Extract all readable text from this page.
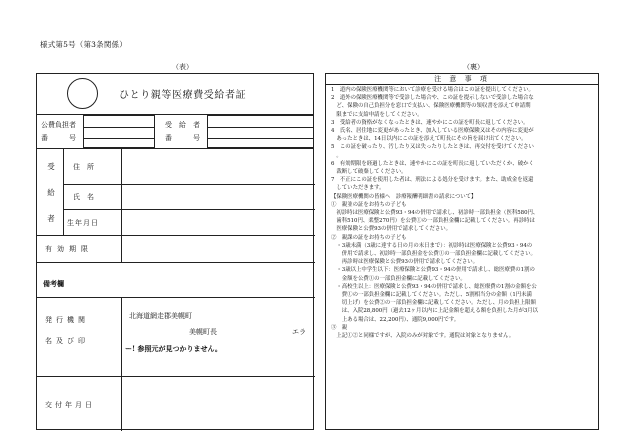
様式第5号（第3条関係）
（表）	（裏）
ひとり親等医療費受給者証
公費負担者
番　　　号
受　給　者
番　　　号
受
給
者
住所
氏名
生年月日
有効期限
備考欄
発行機関
名及び印
北海道網走郡美幌町
美幌町長	エラ
ー! 参照元が見つかりません。
交付年月日
注 意 事 項

1　道内の保険医療機関等において診療を受ける場合はこの証を提出してください。

2　道外の保険医療機関等で受診した場合や、この証を提示しないで受診した場合な

　ど、保険の自己負担分を窓口で支払い、保険医療機関等の領収書を添えて申請期

　限までに支給申請をしてください。

3　受給者の資格がなくなったときは、速やかにこの証を町長に返してください。

4　氏名、居住地に変更があったとき、加入している医療保険又はその内容に変更が

　あったときは、14日以内にこの証を添えて町長にその旨を届け出てください。

5　この証を破ったり、汚したり又は失ったりしたときは、再交付を受けてください

　。

6　有効期限を経過したときは、速やかにこの証を町長に返していただくか、破かく

　裁断して破棄してください。

7　不正にこの証を使用した者は、刑法による処分を受けます。また、助成金を返還

　していただきます。

【保険医療機関の皆様へ　診療報酬明細書の請求について】

①　親並の証をお持ちの子ども

　初診時は医療保険と公費93・94の併用で請求し、初診時一部負担金（医科580円、

　歯科510円、柔整270円）を公費①の一部負担金欄に記載してください。再診時は

　医療保険と公費93の併用で請求してください。

②　親課の証をお持ちの子ども

　・3歳未満（3歳に達する日の月の末日まで）：初診時は医療保険と公費93・94の

　　併用で請求し、初診時一部負担金を公費①の一部負担金欄に記載してください。

　　再診時は医療保険と公費93の併用で請求してください。

　・3歳以上中学生以下：医療保険と公費93・94の併用で請求し、総医療費の1割の

　　金額を公費①の一部負担金欄に記載してください。

　・高校生以上：医療保険と公費93・94の併用で請求し、総医療費の1割の金額を公

　　費①の一部負担金欄に記載してください。ただし、5割相当分の金額（1円未満

　　切上げ）を公費②の一部負担金欄に記載してください。ただし、月の負担上限額

　　は、入院28,800円（過去12ヶ月以内に上記金額を超える額を負担した月が3月以

　　上ある場合は、22,200円）、通院9,000円です。

③　親

　上記①②と同様ですが、入院のみが対象です。通院は対象となりません。
